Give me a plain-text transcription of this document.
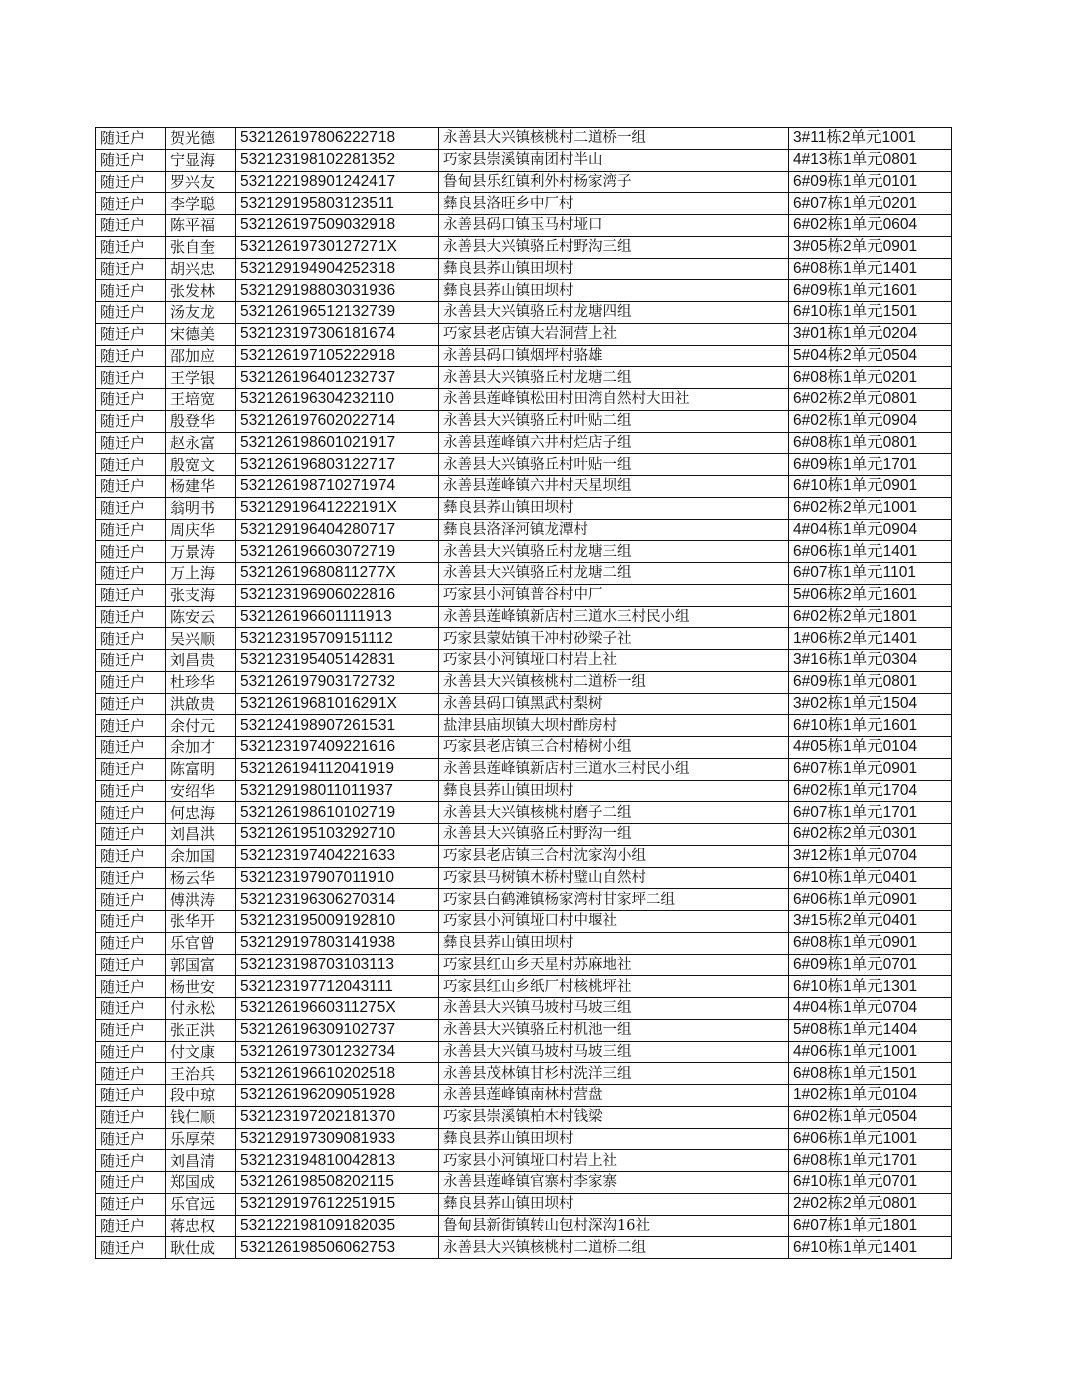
随迁户	贺光德	532126197806222718	永善县大兴镇核桃村二道桥一组	3#11栋2单元1001
随迁户	宁显海	532123198102281352	巧家县崇溪镇南团村半山	4#13栋1单元0801
随迁户	罗兴友	532122198901242417	鲁甸县乐红镇利外村杨家湾子	6#09栋1单元0101
随迁户	李学聪	532129195803123511	彝良县洛旺乡中厂村	6#07栋1单元0201
随迁户	陈平福	532126197509032918	永善县码口镇玉马村垭口	6#02栋1单元0604
随迁户	张自奎	53212619730127271X	永善县大兴镇骆丘村野沟三组	3#05栋2单元0901
随迁户	胡兴忠	532129194904252318	彝良县荞山镇田坝村	6#08栋1单元1401
随迁户	张发林	532129198803031936	彝良县荞山镇田坝村	6#09栋1单元1601
随迁户	汤友龙	532126196512132739	永善县大兴镇骆丘村龙塘四组	6#10栋1单元1501
随迁户	宋德美	532123197306181674	巧家县老店镇大岩洞营上社	3#01栋1单元0204
随迁户	邵加应	532126197105222918	永善县码口镇烟坪村骆雄	5#04栋2单元0504
随迁户	王学银	532126196401232737	永善县大兴镇骆丘村龙塘二组	6#08栋1单元0201
随迁户	王培宽	532126196304232110	永善县莲峰镇松田村田湾自然村大田社	6#02栋2单元0801
随迁户	殷登华	532126197602022714	永善县大兴镇骆丘村叶贴二组	6#02栋1单元0904
随迁户	赵永富	532126198601021917	永善县莲峰镇六井村烂店子组	6#08栋1单元0801
随迁户	殷宽文	532126196803122717	永善县大兴镇骆丘村叶贴一组	6#09栋1单元1701
随迁户	杨建华	532126198710271974	永善县莲峰镇六井村天星坝组	6#10栋1单元0901
随迁户	翁明书	53212919641222191X	彝良县荞山镇田坝村	6#02栋2单元1001
随迁户	周庆华	532129196404280717	彝良县洛泽河镇龙潭村	4#04栋1单元0904
随迁户	万景涛	532126196603072719	永善县大兴镇骆丘村龙塘三组	6#06栋1单元1401
随迁户	万上海	53212619680811277X	永善县大兴镇骆丘村龙塘二组	6#07栋1单元1101
随迁户	张支海	532123196906022816	巧家县小河镇普谷村中厂	5#06栋2单元1601
随迁户	陈安云	532126196601111913	永善县莲峰镇新店村三道水三村民小组	6#02栋2单元1801
随迁户	吴兴顺	532123195709151112	巧家县蒙姑镇干冲村砂梁子社	1#06栋2单元1401
随迁户	刘昌贵	532123195405142831	巧家县小河镇垭口村岩上社	3#16栋1单元0304
随迁户	杜珍华	532126197903172732	永善县大兴镇核桃村二道桥一组	6#09栋1单元0801
随迁户	洪啟贵	53212619681016291X	永善县码口镇黑武村梨树	3#02栋1单元1504
随迁户	余付元	532124198907261531	盐津县庙坝镇大坝村酢房村	6#10栋1单元1601
随迁户	余加才	532123197409221616	巧家县老店镇三合村椿树小组	4#05栋1单元0104
随迁户	陈富明	532126194112041919	永善县莲峰镇新店村三道水三村民小组	6#07栋1单元0901
随迁户	安绍华	532129198011011937	彝良县荞山镇田坝村	6#02栋1单元1704
随迁户	何忠海	532126198610102719	永善县大兴镇核桃村磨子二组	6#07栋1单元1701
随迁户	刘昌洪	532126195103292710	永善县大兴镇骆丘村野沟一组	6#02栋2单元0301
随迁户	余加国	532123197404221633	巧家县老店镇三合村沈家沟小组	3#12栋1单元0704
随迁户	杨云华	532123197907011910	巧家县马树镇木桥村璧山自然村	6#10栋1单元0401
随迁户	傅洪涛	532123196306270314	巧家县白鹤滩镇杨家湾村甘家坪二组	6#06栋1单元0901
随迁户	张华开	532123195009192810	巧家县小河镇垭口村中堰社	3#15栋2单元0401
随迁户	乐官曾	532129197803141938	彝良县荞山镇田坝村	6#08栋1单元0901
随迁户	郭国富	532123198703103113	巧家县红山乡天星村苏麻地社	6#09栋1单元0701
随迁户	杨世安	532123197712043111	巧家县红山乡纸厂村核桃坪社	6#10栋1单元1301
随迁户	付永松	53212619660311275X	永善县大兴镇马坡村马坡三组	4#04栋1单元0704
随迁户	张正洪	532126196309102737	永善县大兴镇骆丘村机池一组	5#08栋1单元1404
随迁户	付文康	532126197301232734	永善县大兴镇马坡村马坡三组	4#06栋1单元1001
随迁户	王治兵	532126196610202518	永善县茂林镇甘杉村洗洋三组	6#08栋1单元1501
随迁户	段中琼	532126196209051928	永善县莲峰镇南林村营盘	1#02栋1单元0104
随迁户	钱仁顺	532123197202181370	巧家县崇溪镇柏木村钱梁	6#02栋1单元0504
随迁户	乐厚荣	532129197309081933	彝良县荞山镇田坝村	6#06栋1单元1001
随迁户	刘昌清	532123194810042813	巧家县小河镇垭口村岩上社	6#08栋1单元1701
随迁户	郑国成	532126198508202115	永善县莲峰镇官寨村李家寨	6#10栋1单元0701
随迁户	乐官远	532129197612251915	彝良县荞山镇田坝村	2#02栋2单元0801
随迁户	蒋忠权	532122198109182035	鲁甸县新街镇转山包村深沟16社	6#07栋1单元1801
随迁户	耿仕成	532126198506062753	永善县大兴镇核桃村二道桥二组	6#10栋1单元1401
